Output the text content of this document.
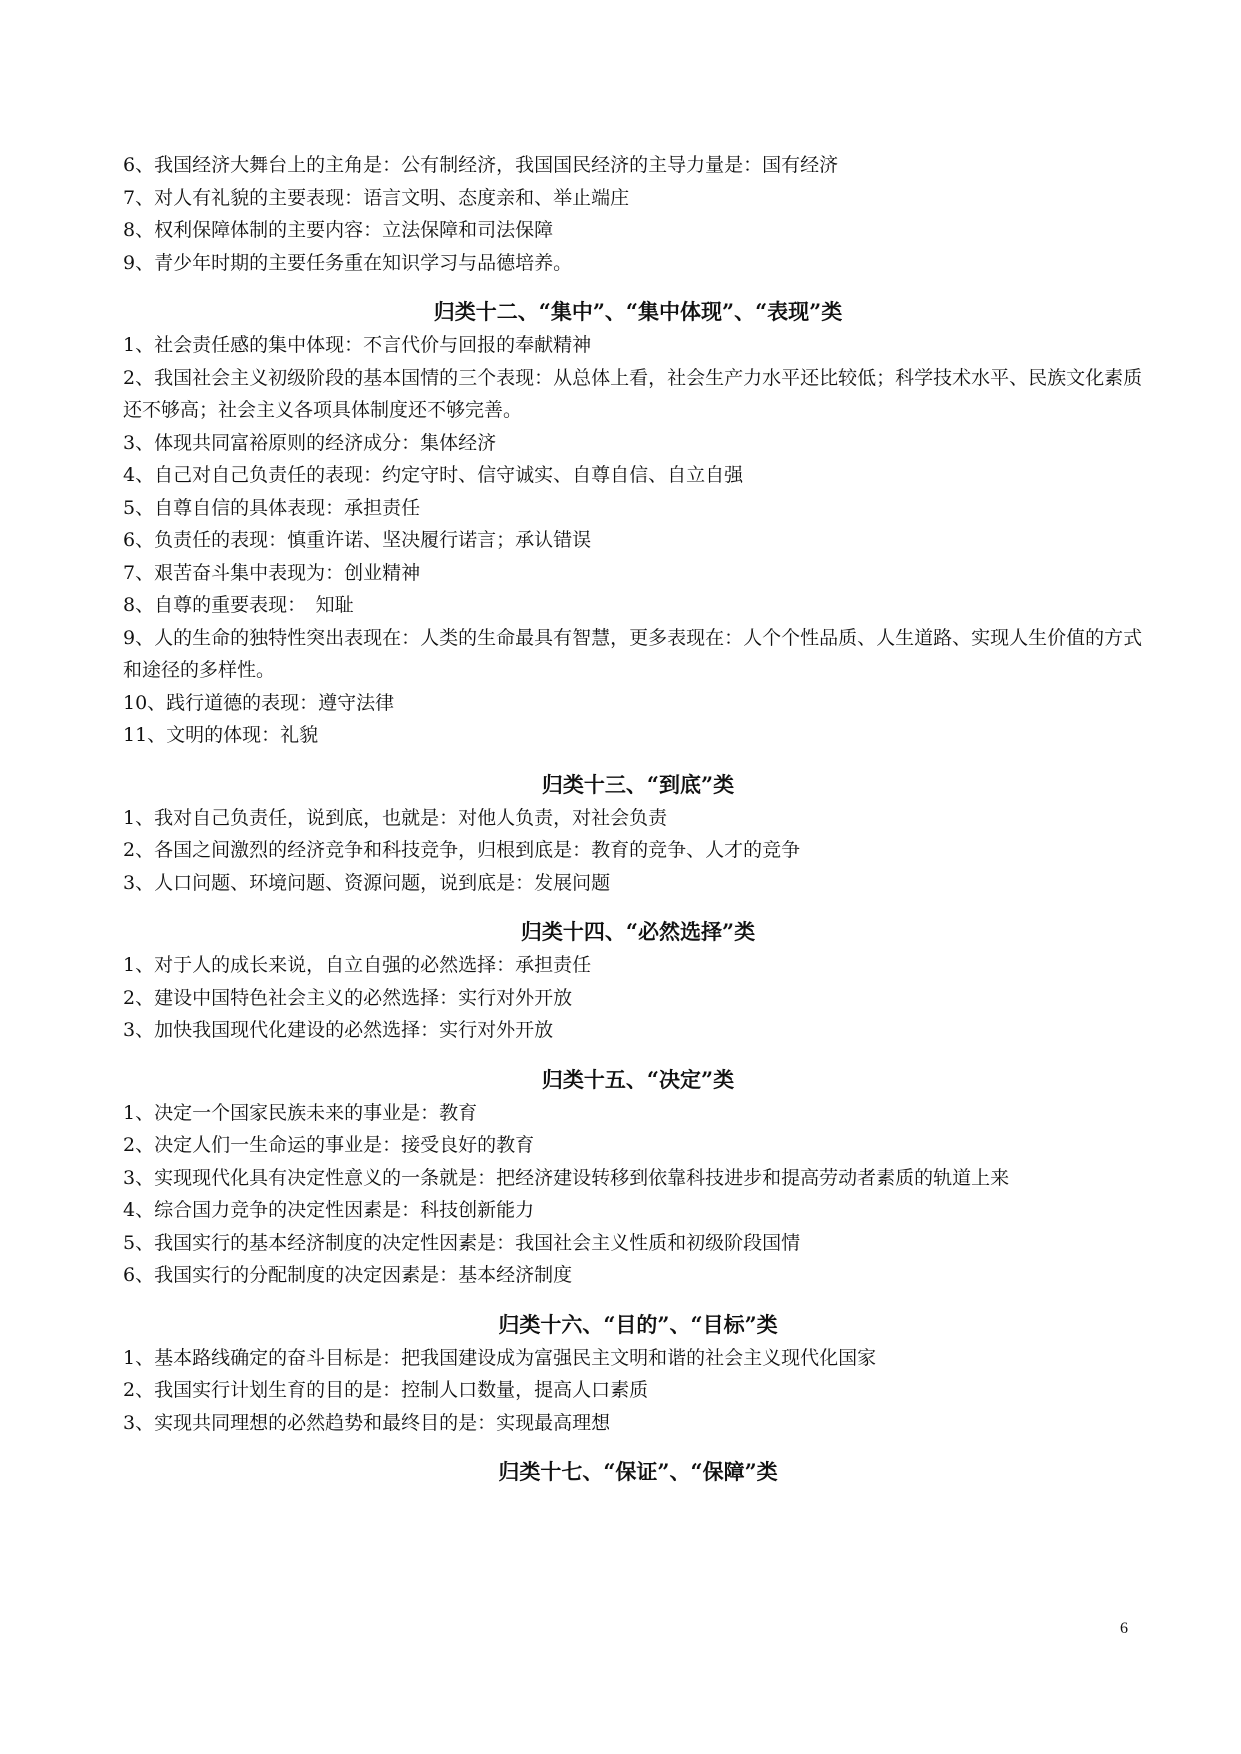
6、我国经济大舞台上的主角是：公有制经济，我国国民经济的主导力量是：国有经济
7、对人有礼貌的主要表现：语言文明、态度亲和、举止端庄
8、权利保障体制的主要内容：立法保障和司法保障
9、青少年时期的主要任务重在知识学习与品德培养。
归类十二、“集中”、“集中体现”、“表现”类
1、社会责任感的集中体现：不言代价与回报的奉献精神
2、我国社会主义初级阶段的基本国情的三个表现：从总体上看，社会生产力水平还比较低；科学技术水平、民族文化素质还不够高；社会主义各项具体制度还不够完善。
3、体现共同富裕原则的经济成分：集体经济
4、自己对自己负责任的表现：约定守时、信守诚实、自尊自信、自立自强
5、自尊自信的具体表现：承担责任
6、负责任的表现：慎重许诺、坚决履行诺言；承认错误
7、艰苦奋斗集中表现为：创业精神
8、自尊的重要表现：　知耻
9、人的生命的独特性突出表现在：人类的生命最具有智慧，更多表现在：人个个性品质、人生道路、实现人生价值的方式和途径的多样性。
10、践行道德的表现：遵守法律
11、文明的体现：礼貌
归类十三、“到底”类
1、我对自己负责任，说到底，也就是：对他人负责，对社会负责
2、各国之间激烈的经济竞争和科技竞争，归根到底是：教育的竞争、人才的竞争
3、人口问题、环境问题、资源问题，说到底是：发展问题
归类十四、“必然选择”类
1、对于人的成长来说，自立自强的必然选择：承担责任
2、建设中国特色社会主义的必然选择：实行对外开放
3、加快我国现代化建设的必然选择：实行对外开放
归类十五、“决定”类
1、决定一个国家民族未来的事业是：教育
2、决定人们一生命运的事业是：接受良好的教育
3、实现现代化具有决定性意义的一条就是：把经济建设转移到依靠科技进步和提高劳动者素质的轨道上来
4、综合国力竞争的决定性因素是：科技创新能力
5、我国实行的基本经济制度的决定性因素是：我国社会主义性质和初级阶段国情
6、我国实行的分配制度的决定因素是：基本经济制度
归类十六、“目的”、“目标”类
1、基本路线确定的奋斗目标是：把我国建设成为富强民主文明和谐的社会主义现代化国家
2、我国实行计划生育的目的是：控制人口数量，提高人口素质
3、实现共同理想的必然趋势和最终目的是：实现最高理想
归类十七、“保证”、“保障”类
6
